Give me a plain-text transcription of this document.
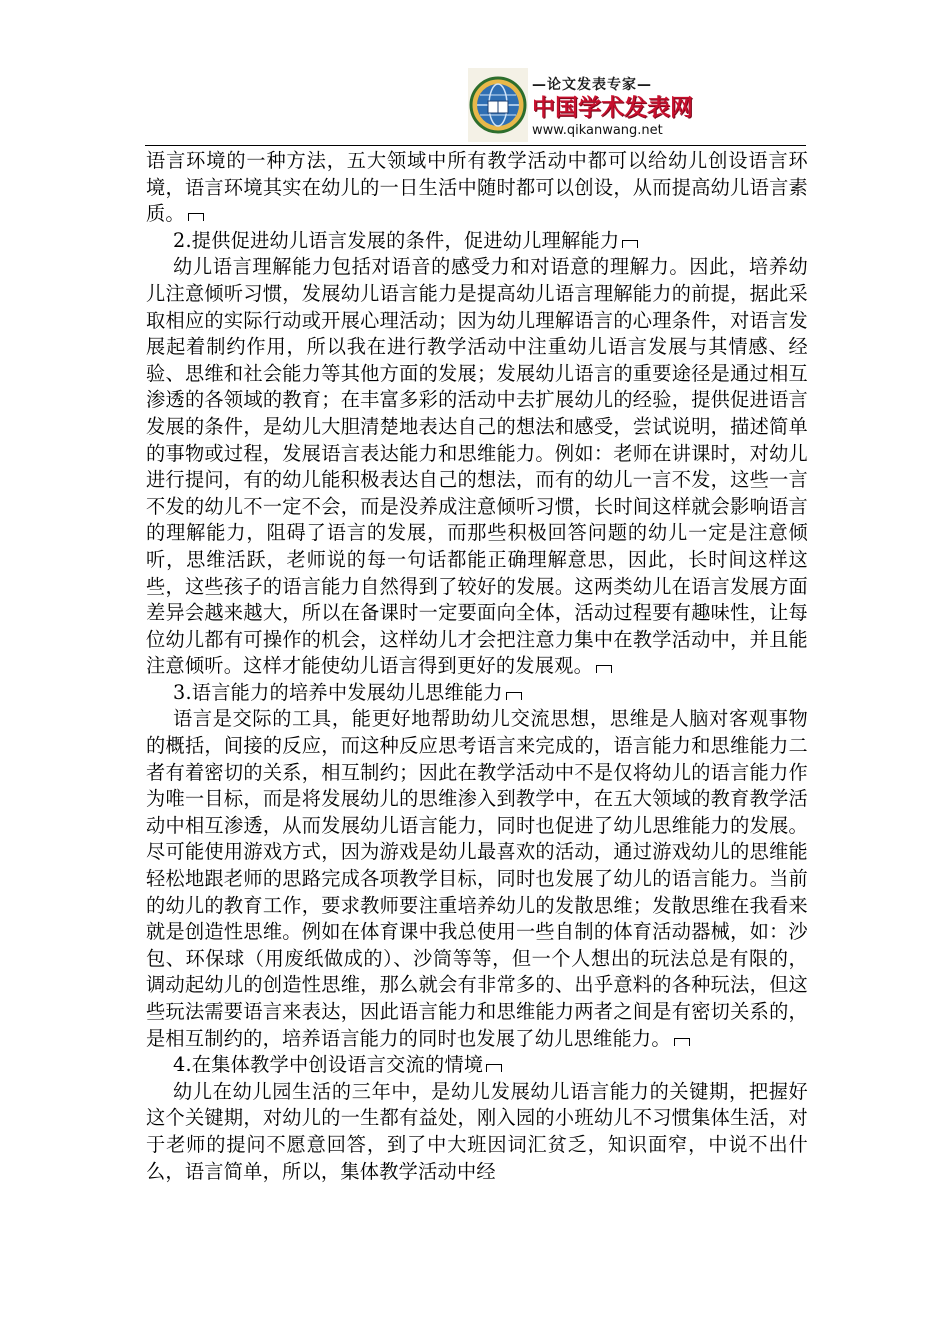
—论文发表专家—
中国学术发表网
www.qikanwang.net

语言环境的一种方法，五大领域中所有教学活动中都可以给幼儿创设语言环境，语言环境其实在幼儿的一日生活中随时都可以创设，从而提高幼儿语言素质。

2.提供促进幼儿语言发展的条件，促进幼儿理解能力

幼儿语言理解能力包括对语音的感受力和对语意的理解力。因此，培养幼儿注意倾听习惯，发展幼儿语言能力是提高幼儿语言理解能力的前提，据此采取相应的实际行动或开展心理活动；因为幼儿理解语言的心理条件，对语言发展起着制约作用，所以我在进行教学活动中注重幼儿语言发展与其情感、经验、思维和社会能力等其他方面的发展；发展幼儿语言的重要途径是通过相互渗透的各领域的教育；在丰富多彩的活动中去扩展幼儿的经验，提供促进语言发展的条件，是幼儿大胆清楚地表达自己的想法和感受，尝试说明，描述简单的事物或过程，发展语言表达能力和思维能力。例如：老师在讲课时，对幼儿进行提问，有的幼儿能积极表达自己的想法，而有的幼儿一言不发，这些一言不发的幼儿不一定不会，而是没养成注意倾听习惯，长时间这样就会影响语言的理解能力，阻碍了语言的发展，而那些积极回答问题的幼儿一定是注意倾听，思维活跃，老师说的每一句话都能正确理解意思，因此，长时间这样这些，这些孩子的语言能力自然得到了较好的发展。这两类幼儿在语言发展方面差异会越来越大，所以在备课时一定要面向全体，活动过程要有趣味性，让每位幼儿都有可操作的机会，这样幼儿才会把注意力集中在教学活动中，并且能注意倾听。这样才能使幼儿语言得到更好的发展观。

3.语言能力的培养中发展幼儿思维能力

语言是交际的工具，能更好地帮助幼儿交流思想，思维是人脑对客观事物的概括，间接的反应，而这种反应思考语言来完成的，语言能力和思维能力二者有着密切的关系，相互制约；因此在教学活动中不是仅将幼儿的语言能力作为唯一目标，而是将发展幼儿的思维渗入到教学中，在五大领域的教育教学活动中相互渗透，从而发展幼儿语言能力，同时也促进了幼儿思维能力的发展。尽可能使用游戏方式，因为游戏是幼儿最喜欢的活动，通过游戏幼儿的思维能轻松地跟老师的思路完成各项教学目标，同时也发展了幼儿的语言能力。当前的幼儿的教育工作，要求教师要注重培养幼儿的发散思维；发散思维在我看来就是创造性思维。例如在体育课中我总使用一些自制的体育活动器械，如：沙包、环保球（用废纸做成的）、沙筒等等，但一个人想出的玩法总是有限的，调动起幼儿的创造性思维，那么就会有非常多的、出乎意料的各种玩法，但这些玩法需要语言来表达，因此语言能力和思维能力两者之间是有密切关系的，是相互制约的，培养语言能力的同时也发展了幼儿思维能力。

4.在集体教学中创设语言交流的情境

幼儿在幼儿园生活的三年中，是幼儿发展幼儿语言能力的关键期，把握好这个关键期，对幼儿的一生都有益处，刚入园的小班幼儿不习惯集体生活，对于老师的提问不愿意回答，到了中大班因词汇贫乏，知识面窄，中说不出什么，语言简单，所以，集体教学活动中经
